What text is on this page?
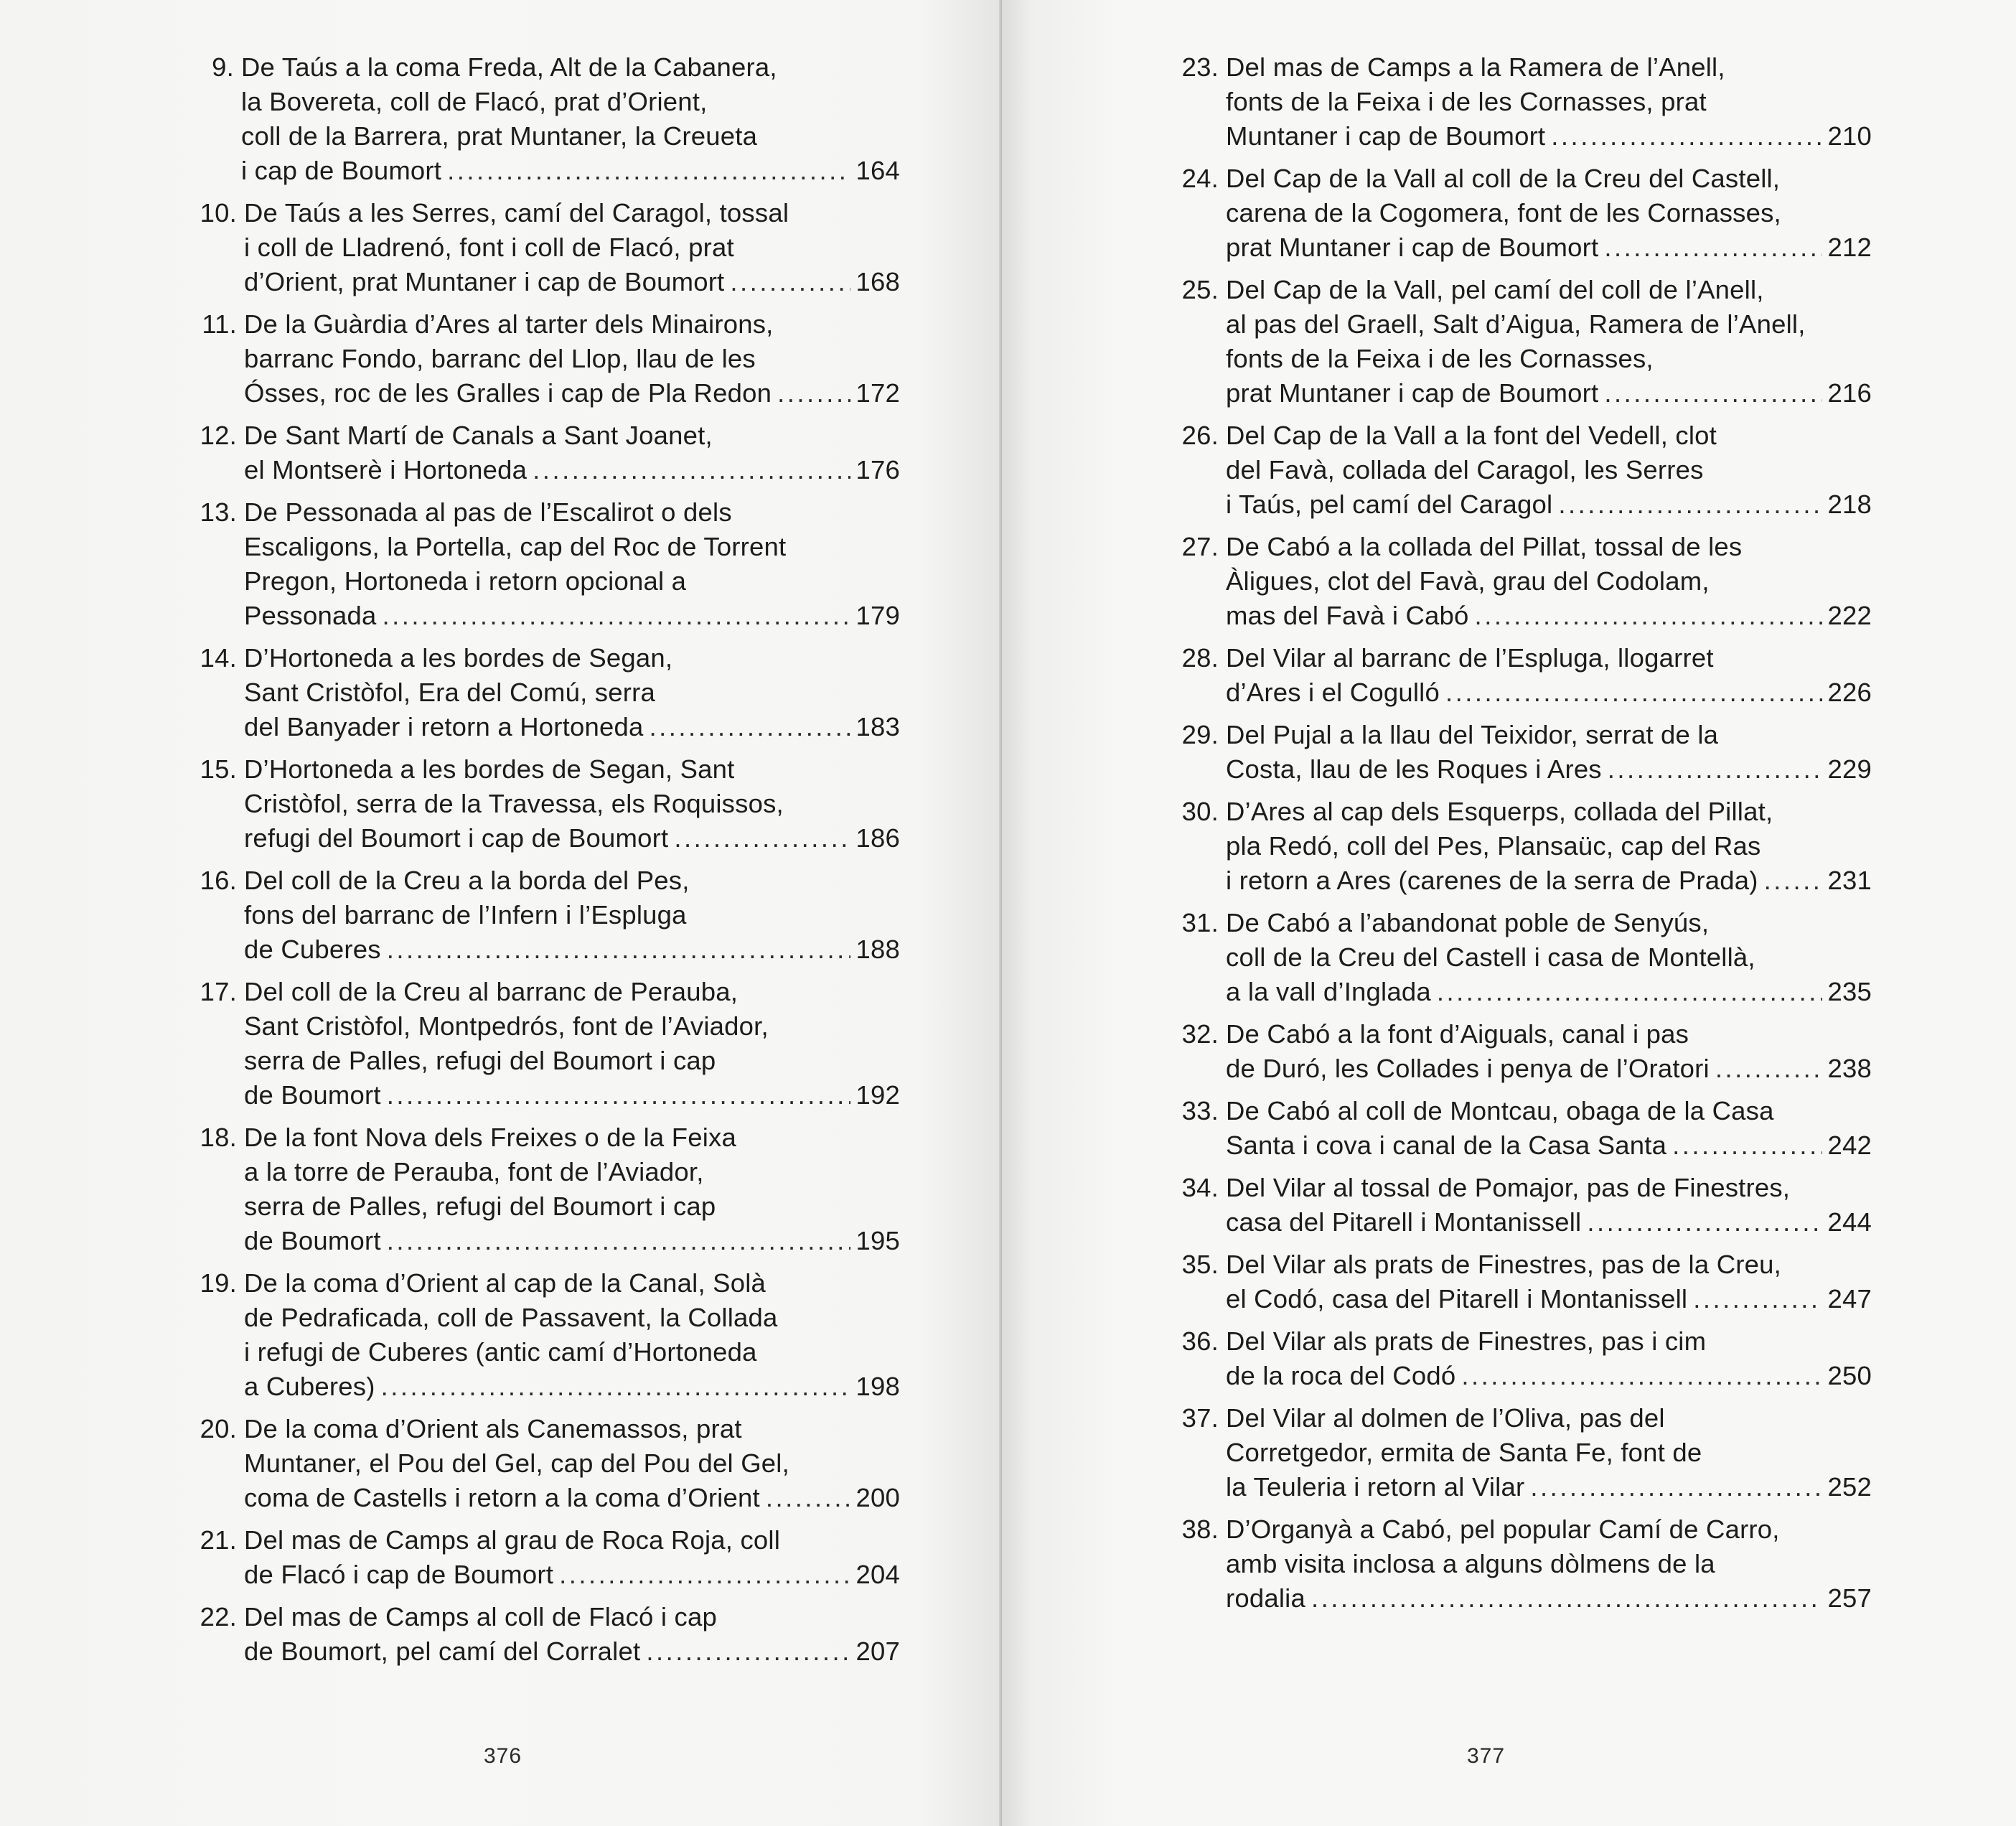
9. De Taús a la coma Freda, Alt de la Cabanera,
la Bovereta, coll de Flacó, prat d’Orient,
coll de la Barrera, prat Muntaner, la Creueta
i cap de Boumort .....	164
10. De Taús a les Serres, camí del Caragol, tossal
i coll de Lladrenó, font i coll de Flacó, prat
d’Orient, prat Muntaner i cap de Boumort .....	168
11. De la Guàrdia d’Ares al tarter dels Minairons,
barranc Fondo, barranc del Llop, llau de les
Ósses, roc de les Gralles i cap de Pla Redon .....	172
12. De Sant Martí de Canals a Sant Joanet,
el Montserè i Hortoneda .....	176
13. De Pessonada al pas de l’Escalirot o dels
Escaligons, la Portella, cap del Roc de Torrent
Pregon, Hortoneda i retorn opcional a
Pessonada .....	179
14. D’Hortoneda a les bordes de Segan,
Sant Cristòfol, Era del Comú, serra
del Banyader i retorn a Hortoneda .....	183
15. D’Hortoneda a les bordes de Segan, Sant
Cristòfol, serra de la Travessa, els Roquissos,
refugi del Boumort i cap de Boumort .....	186
16. Del coll de la Creu a la borda del Pes,
fons del barranc de l’Infern i l’Espluga
de Cuberes .....	188
17. Del coll de la Creu al barranc de Perauba,
Sant Cristòfol, Montpedrós, font de l’Aviador,
serra de Palles, refugi del Boumort i cap
de Boumort .....	192
18. De la font Nova dels Freixes o de la Feixa
a la torre de Perauba, font de l’Aviador,
serra de Palles, refugi del Boumort i cap
de Boumort .....	195
19. De la coma d’Orient al cap de la Canal, Solà
de Pedraficada, coll de Passavent, la Collada
i refugi de Cuberes (antic camí d’Hortoneda
a Cuberes) .....	198
20. De la coma d’Orient als Canemassos, prat
Muntaner, el Pou del Gel, cap del Pou del Gel,
coma de Castells i retorn a la coma d’Orient .....	200
21. Del mas de Camps al grau de Roca Roja, coll
de Flacó i cap de Boumort .....	204
22. Del mas de Camps al coll de Flacó i cap
de Boumort, pel camí del Corralet .....	207
376
23. Del mas de Camps a la Ramera de l’Anell,
fonts de la Feixa i de les Cornasses, prat
Muntaner i cap de Boumort .....	210
24. Del Cap de la Vall al coll de la Creu del Castell,
carena de la Cogomera, font de les Cornasses,
prat Muntaner i cap de Boumort .....	212
25. Del Cap de la Vall, pel camí del coll de l’Anell,
al pas del Graell, Salt d’Aigua, Ramera de l’Anell,
fonts de la Feixa i de les Cornasses,
prat Muntaner i cap de Boumort .....	216
26. Del Cap de la Vall a la font del Vedell, clot
del Favà, collada del Caragol, les Serres
i Taús, pel camí del Caragol .....	218
27. De Cabó a la collada del Pillat, tossal de les
Àligues, clot del Favà, grau del Codolam,
mas del Favà i Cabó .....	222
28. Del Vilar al barranc de l’Espluga, llogarret
d’Ares i el Cogulló .....	226
29. Del Pujal a la llau del Teixidor, serrat de la
Costa, llau de les Roques i Ares .....	229
30. D’Ares al cap dels Esquerps, collada del Pillat,
pla Redó, coll del Pes, Plansaüc, cap del Ras
i retorn a Ares (carenes de la serra de Prada) .....	231
31. De Cabó a l’abandonat poble de Senyús,
coll de la Creu del Castell i casa de Montellà,
a la vall d’Inglada .....	235
32. De Cabó a la font d’Aiguals, canal i pas
de Duró, les Collades i penya de l’Oratori .....	238
33. De Cabó al coll de Montcau, obaga de la Casa
Santa i cova i canal de la Casa Santa .....	242
34. Del Vilar al tossal de Pomajor, pas de Finestres,
casa del Pitarell i Montanissell .....	244
35. Del Vilar als prats de Finestres, pas de la Creu,
el Codó, casa del Pitarell i Montanissell .....	247
36. Del Vilar als prats de Finestres, pas i cim
de la roca del Codó .....	250
37. Del Vilar al dolmen de l’Oliva, pas del
Corretgedor, ermita de Santa Fe, font de
la Teuleria i retorn al Vilar .....	252
38. D’Organyà a Cabó, pel popular Camí de Carro,
amb visita inclosa a alguns dòlmens de la
rodalia .....	257
377
